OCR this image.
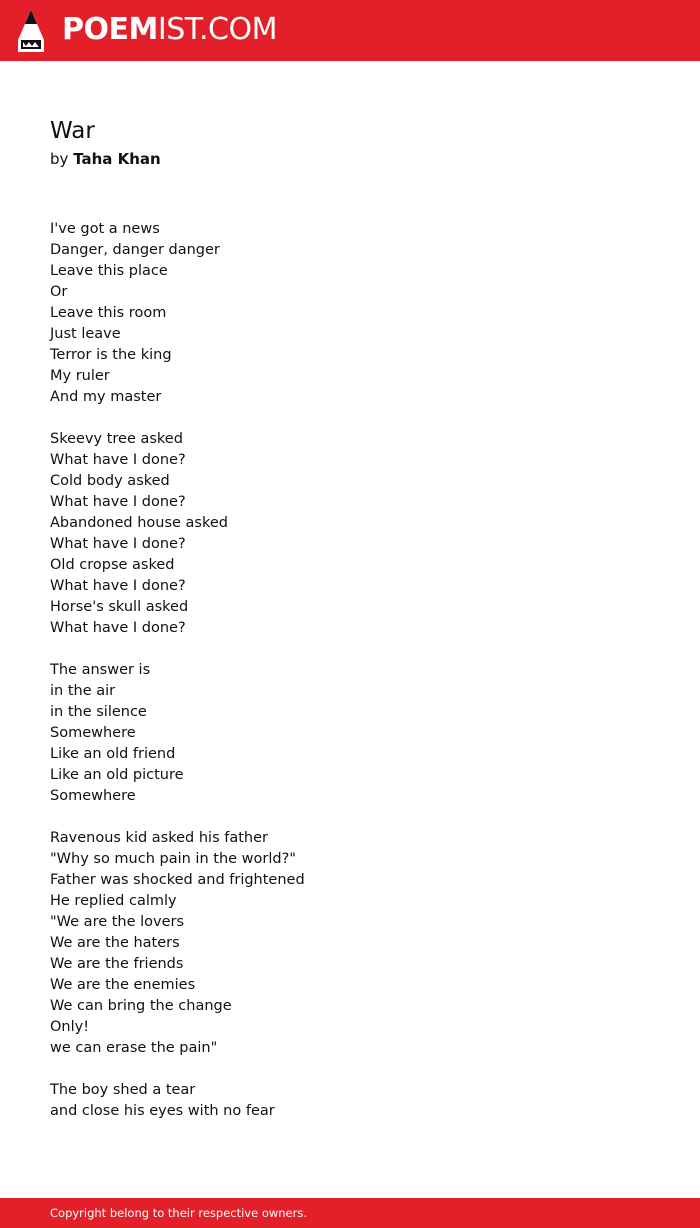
POEMIST.COM
War
by Taha Khan
I've got a news
Danger, danger danger
Leave this place
Or
Leave this room
Just leave
Terror is the king
My ruler
And my master
Skeevy tree asked
What have I done?
Cold body asked
What have I done?
Abandoned house asked
What have I done?
Old cropse asked
What have I done?
Horse's skull asked
What have I done?
The answer is
in the air
in the silence
Somewhere
Like an old friend
Like an old picture
Somewhere
Ravenous kid asked his father
"Why so much pain in the world?"
Father was shocked and frightened
He replied calmly
"We are the lovers
We are the haters
We are the friends
We are the enemies
We can bring the change
Only!
we can erase the pain"
The boy shed a tear
and close his eyes with no fear
Copyright belong to their respective owners.
